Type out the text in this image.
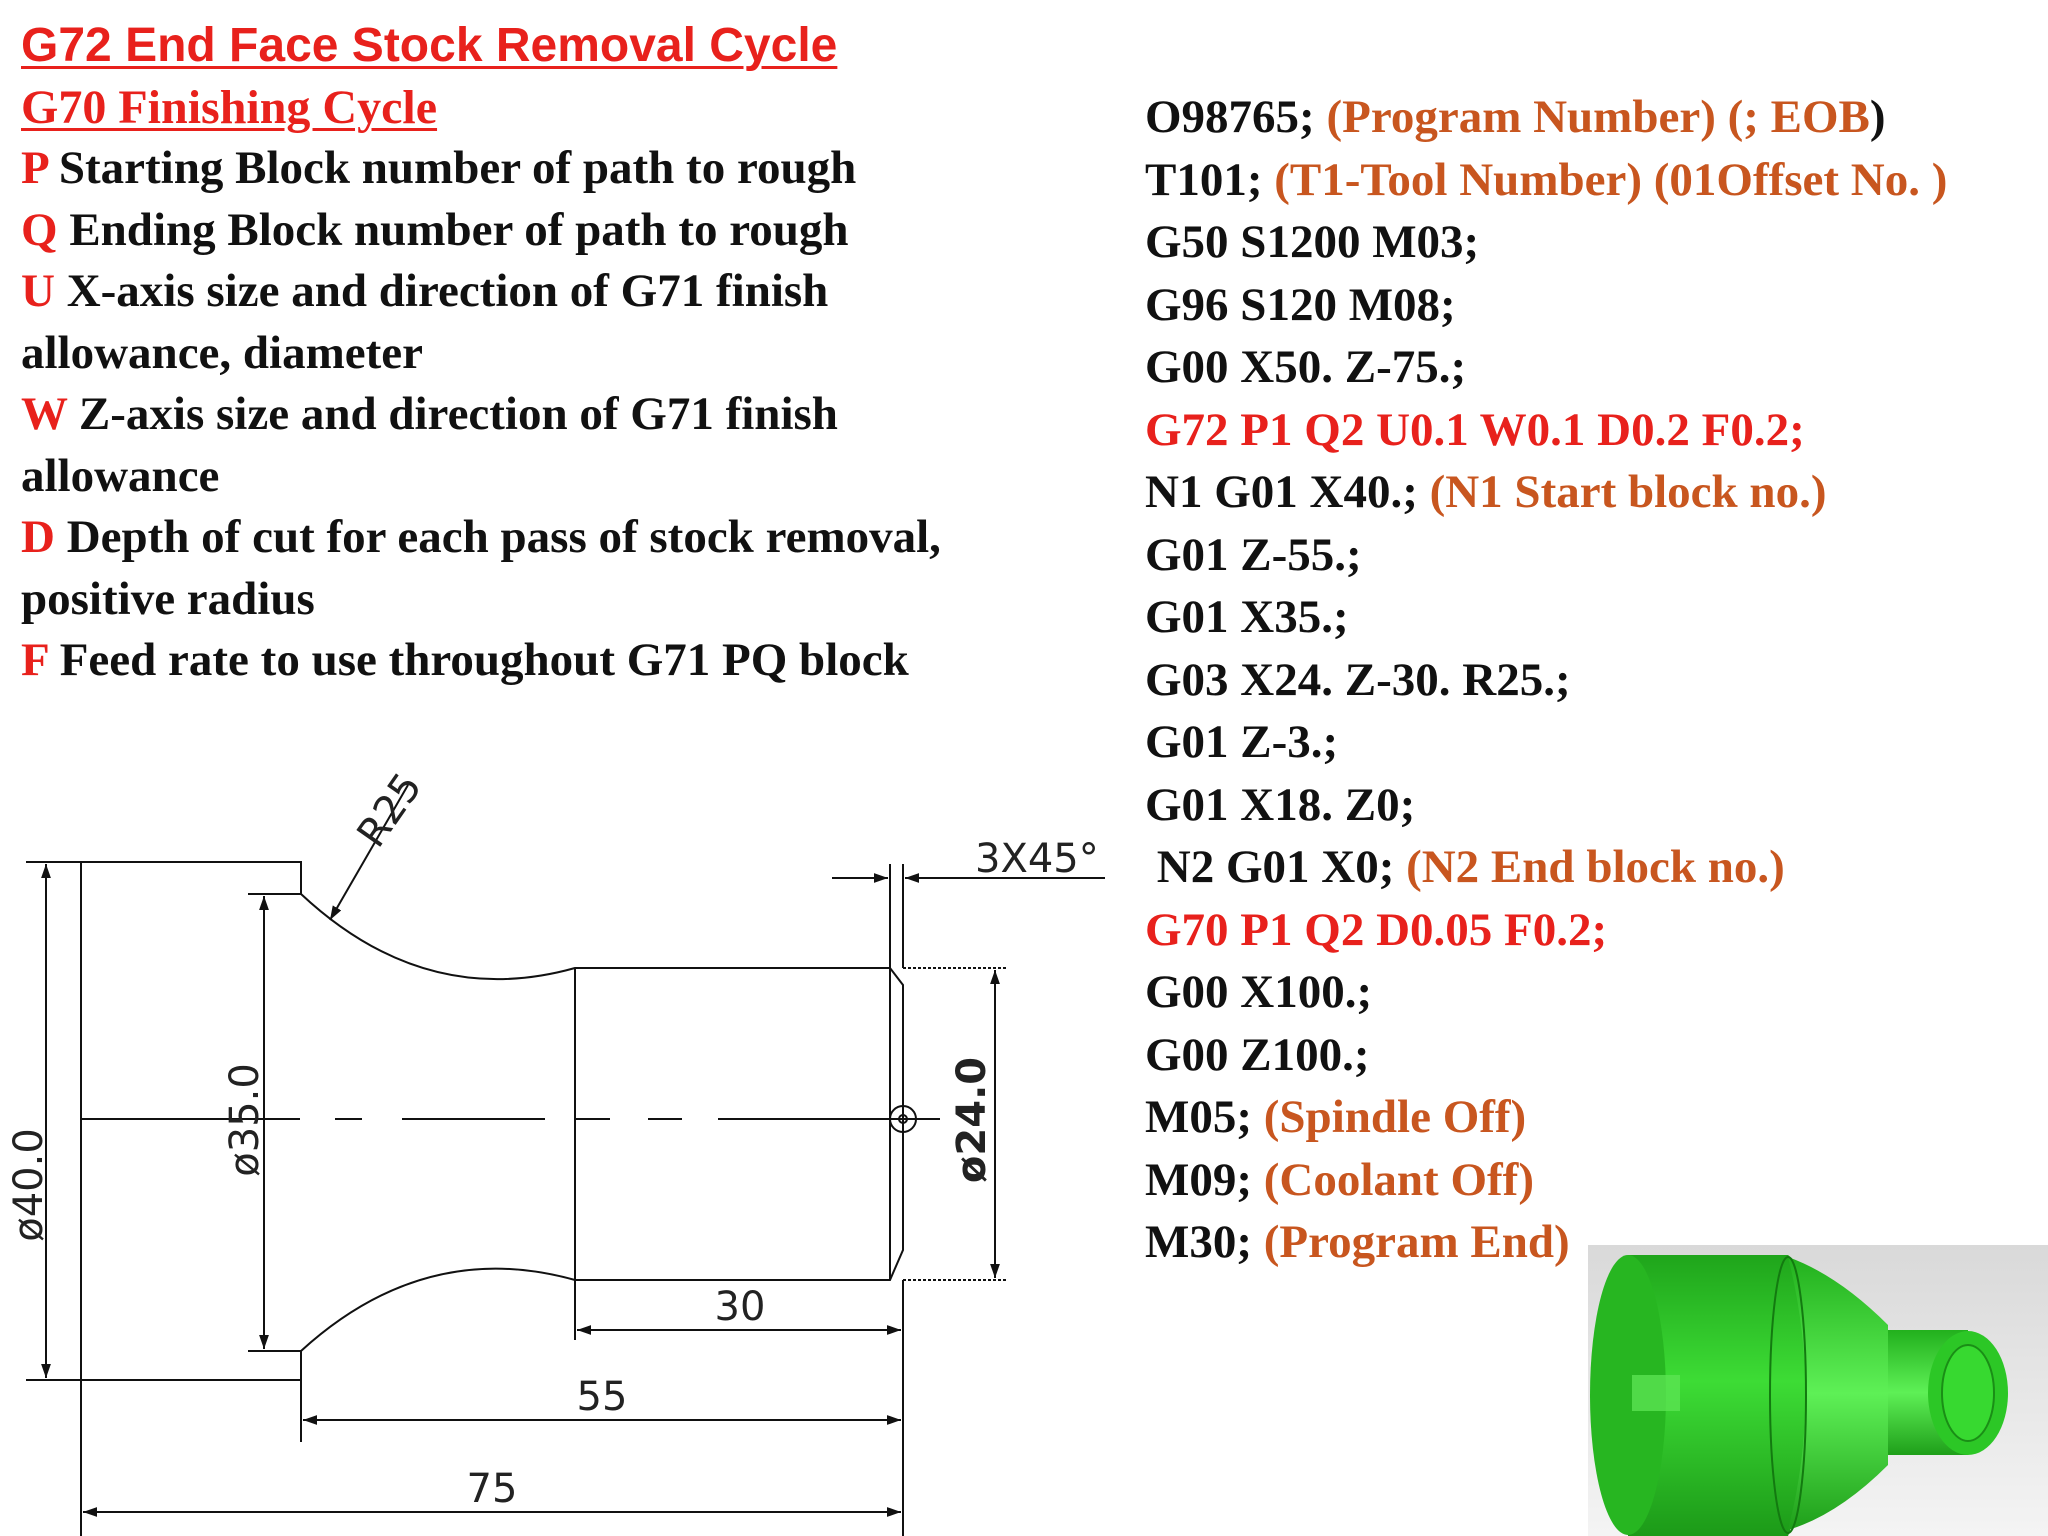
G72 End Face Stock Removal Cycle
G70 Finishing Cycle
P Starting Block number of path to rough
Q Ending Block number of path to rough
U X-axis size and direction of G71 finish
allowance, diameter
W Z-axis size and direction of G71 finish
allowance
D Depth of cut for each pass of stock removal,
positive radius
F Feed rate to use throughout G71 PQ block
O98765; (Program Number) (; EOB)
T101; (T1-Tool Number) (01Offset No. )
G50 S1200 M03;
G96 S120 M08;
G00 X50. Z-75.;
G72 P1 Q2 U0.1 W0.1 D0.2 F0.2;
N1 G01 X40.; (N1 Start block no.)
G01 Z-55.;
G01 X35.;
G03 X24. Z-30. R25.;
G01 Z-3.;
G01 X18. Z0;
N2 G01 X0; (N2 End block no.)
G70 P1 Q2 D0.05 F0.2;
G00 X100.;
G00 Z100.;
M05; (Spindle Off)
M09; (Coolant Off)
M30; (Program End)
R25
3X45°
ø40.0
ø35.0	ø24.0
30
55
75
